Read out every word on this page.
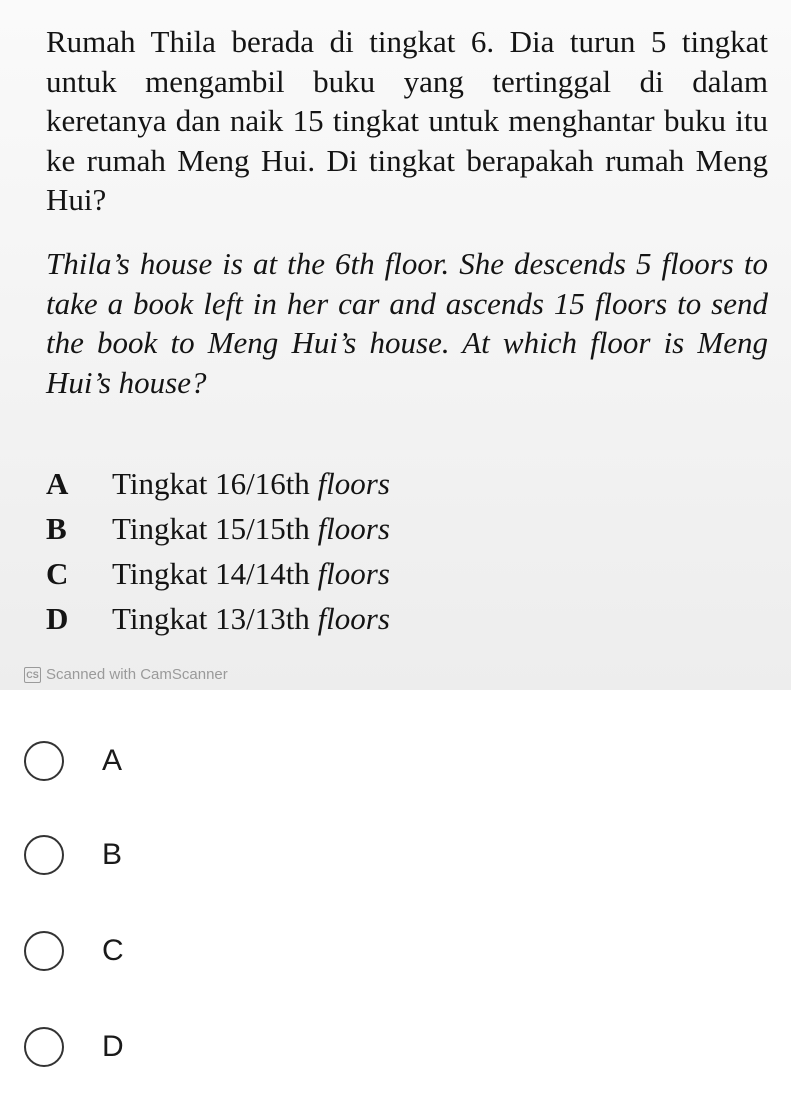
Rumah Thila berada di tingkat 6. Dia turun 5 tingkat untuk mengambil buku yang tertinggal di dalam keretanya dan naik 15 tingkat untuk menghantar buku itu ke rumah Meng Hui. Di tingkat berapakah rumah Meng Hui?
Thila’s house is at the 6th floor. She descends 5 floors to take a book left in her car and ascends 15 floors to send the book to Meng Hui’s house. At which floor is Meng Hui’s house?
A Tingkat 16/16th floors
B Tingkat 15/15th floors
C Tingkat 14/14th floors
D Tingkat 13/13th floors
CS Scanned with CamScanner
A
B
C
D
